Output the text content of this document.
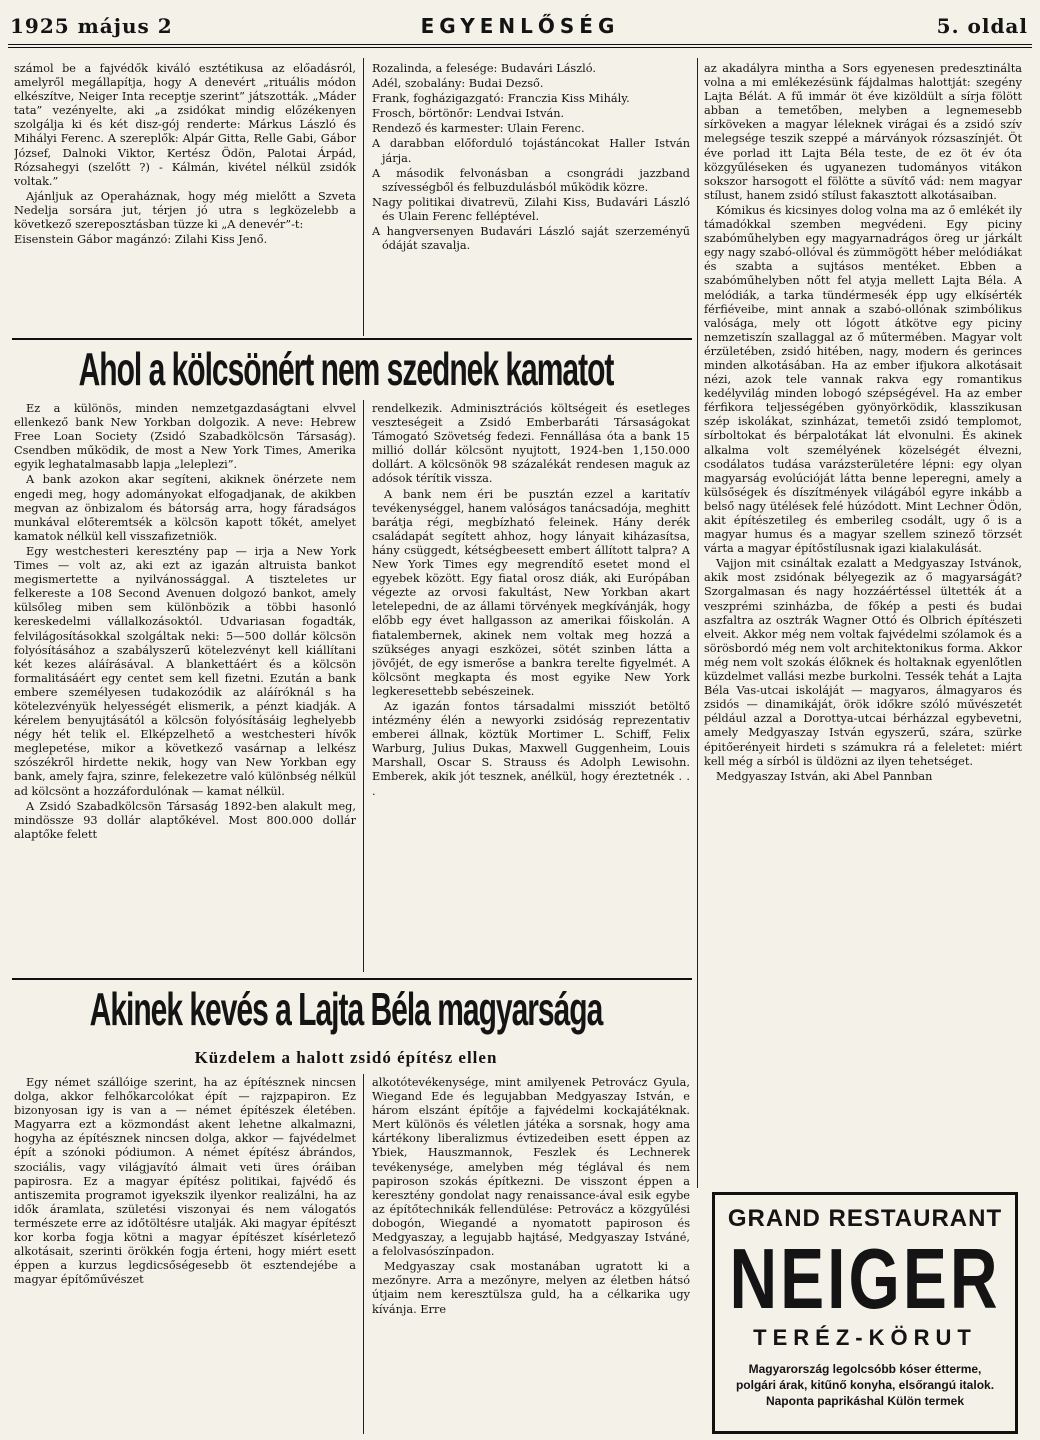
1925 május 2	EGYENLŐSÉG	5. oldal

számol be a fajvédők kiváló esztétikusa az előadásról, amelyről megállapítja, hogy A denevért „rituális módon elkészítve, Neiger Inta receptje szerint” játszották. „Máder tata” vezényelte, aki „a zsidókat mindig előzékenyen szolgálja ki és két disz-gój renderte: Márkus László és Mihályi Ferenc. A szereplők: Alpár Gitta, Relle Gabi, Gábor József, Dalnoki Viktor, Kertész Ödön, Palotai Árpád, Rózsahegyi (szelőtt ?) - Kálmán, kivétel nélkül zsidók voltak.”

Ajánljuk az Operaháznak, hogy még mielőtt a Szveta Nedelja sorsára jut, térjen jó utra s legközelebb a következő szereposztásban tüzze ki „A denevér”-t:

Eisenstein Gábor magánzó: Zilahi Kiss Jenő.

Rozalinda, a felesége: Budavári László.

Adél, szobalány: Budai Dezső.

Frank, fogházigazgató: Franczia Kiss Mihály.

Frosch, börtönőr: Lendvai István.

Rendező és karmester: Ulain Ferenc.

A darabban előforduló tojástáncokat Haller István járja.

A második felvonásban a csongrádi jazzband szívességből és felbuzdulásból működik közre.

Nagy politikai divatrevü, Zilahi Kiss, Budavári László és Ulain Ferenc felléptével.

A hangversenyen Budavári László saját szerzeményű ódáját szavalja.

az akadályra mintha a Sors egyenesen predesztinálta volna a mi emlékezésünk fájdalmas halottját: szegény Lajta Bélát. A fű immár öt éve kizöldült a sírja fölött abban a temetőben, melyben a legnemesebb sírköveken a magyar léleknek virágai és a zsidó szív melegsége teszik szeppé a márványok rózsaszínjét. Öt éve porlad itt Lajta Béla teste, de ez öt év óta közgyűléseken és ugyanezen tudományos vitákon sokszor harsogott el fölötte a süvítő vád: nem magyar stílust, hanem zsidó stílust fakasztott alkotásaiban.

Kómikus és kicsinyes dolog volna ma az ő emlékét ily támadókkal szemben megvédeni. Egy piciny szabóműhelyben egy magyarnadrágos öreg ur járkált egy nagy szabó-ollóval és zümmögött héber melódiákat és szabta a sujtásos mentéket. Ebben a szabóműhelyben nőtt fel atyja mellett Lajta Béla. A melódiák, a tarka tündérmesék épp ugy elkísérték férfiéveibe, mint annak a szabó-ollónak szimbólikus valósága, mely ott lógott átkötve egy piciny nemzetiszín szallaggal az ő műtermében. Magyar volt érzületében, zsidó hitében, nagy, modern és gerinces minden alkotásában. Ha az ember ifjukora alkotásait nézi, azok tele vannak rakva egy romantikus kedélyvilág minden lobogó szépségével. Ha az ember férfikora teljességében gyönyörködik, klasszikusan szép iskolákat, szinházat, temetői zsidó templomot, sírboltokat és bérpalotákat lát elvonulni. És akinek alkalma volt személyének közelségét élvezni, csodálatos tudása varázsterületére lépni: egy olyan magyarság evolúcióját látta benne leperegni, amely a külsőségek és díszítmények világából egyre inkább a belső nagy ütélések felé húzódott. Mint Lechner Ödön, akit építészetileg és emberileg csodált, ugy ő is a magyar humus és a magyar szellem szinező törzsét várta a magyar építőstílusnak igazi kialakulását.

Vajjon mit csináltak ezalatt a Medgyaszay Istvánok, akik most zsidónak bélyegezik az ő magyarságát? Szorgalmasan és nagy hozzáértéssel ültették át a veszprémi szinházba, de főkép a pesti és budai aszfaltra az osztrák Wagner Ottó és Olbrich építészeti elveit. Akkor még nem voltak fajvédelmi szólamok és a sörösbordó még nem volt architektonikus forma. Akkor még nem volt szokás élőknek és holtaknak egyenlőtlen küzdelmet vallási mezbe burkolni. Tessék tehát a Lajta Béla Vas-utcai iskoláját — magyaros, álmagyaros és zsidós — dinamikáját, örök időkre szóló művészetét például azzal a Dorottya-utcai bérházzal egybevetni, amely Medgyaszay István egyszerű, szára, szürke épitőerényeit hirdeti s számukra rá a feleletet: miért kell még a sírból is üldözni az ilyen tehetséget.

Medgyaszay István, aki Abel Pannban

Ahol a kölcsönért nem szednek kamatot

Ez a különös, minden nemzetgazdaságtani elvvel ellenkező bank New Yorkban dolgozik. A neve: Hebrew Free Loan Society (Zsidó Szabadkölcsön Társaság). Csendben működik, de most a New York Times, Amerika egyik leghatalmasabb lapja „leleplezi”.

A bank azokon akar segíteni, akiknek önérzete nem engedi meg, hogy adományokat elfogadjanak, de akikben megvan az önbizalom és bátorság arra, hogy fáradságos munkával előteremtsék a kölcsön kapott tőkét, amelyet kamatok nélkül kell visszafizetniök.

Egy westchesteri keresztény pap — irja a New York Times — volt az, aki ezt az igazán altruista bankot megismertette a nyilvánossággal. A tiszteletes ur felkereste a 108 Second Avenuen dolgozó bankot, amely külsőleg miben sem különbözik a többi hasonló kereskedelmi vállalkozásoktól. Udvariasan fogadták, felvilágosításokkal szolgáltak neki: 5—500 dollár kölcsön folyósításához a szabályszerű kötelezvényt kell kiállítani két kezes aláírásával. A blankettáért és a kölcsön formalitásáért egy centet sem kell fizetni. Ezután a bank embere személyesen tudakozódik az aláíróknál s ha kötelezvényük helyességét elismerik, a pénzt kiadják. A kérelem benyujtásától a kölcsön folyósításáig leghelyebb négy hét telik el. Elképzelhető a westchesteri hívők meglepetése, mikor a következő vasárnap a lelkész szószékről hirdette nekik, hogy van New Yorkban egy bank, amely fajra, szinre, felekezetre való különbség nélkül ad kölcsönt a hozzáfordulónak — kamat nélkül.

A Zsidó Szabadkölcsön Társaság 1892-ben alakult meg, mindössze 93 dollár alaptőkével. Most 800.000 dollár alaptőke felett

rendelkezik. Adminisztrációs költségeit és esetleges veszteségeit a Zsidó Emberbaráti Társaságokat Támogató Szövetség fedezi. Fennállása óta a bank 15 millió dollár kölcsönt nyujtott, 1924-ben 1,150.000 dollárt. A kölcsönök 98 százalékát rendesen maguk az adósok térítik vissza.

A bank nem éri be pusztán ezzel a karitatív tevékenységgel, hanem valóságos tanácsadója, meghitt barátja régi, megbízható feleinek. Hány derék családapát segített ahhoz, hogy lányait kiházasítsa, hány csüggedt, kétségbeesett embert állított talpra? A New York Times egy megrendítő esetet mond el egyebek között. Egy fiatal orosz diák, aki Európában végezte az orvosi fakultást, New Yorkban akart letelepedni, de az állami törvények megkívánják, hogy előbb egy évet hallgasson az amerikai főiskolán. A fiatalembernek, akinek nem voltak meg hozzá a szükséges anyagi eszközei, sötét szinben látta a jövőjét, de egy ismerőse a bankra terelte figyelmét. A kölcsönt megkapta és most egyike New York legkeresettebb sebészeinek.

Az igazán fontos társadalmi missziót betöltő intézmény élén a newyorki zsidóság reprezentativ emberei állnak, köztük Mortimer L. Schiff, Felix Warburg, Julius Dukas, Maxwell Guggenheim, Louis Marshall, Oscar S. Strauss és Adolph Lewisohn. Emberek, akik jót tesznek, anélkül, hogy éreztetnék . . .

Akinek kevés a Lajta Béla magyarsága
Küzdelem a halott zsidó építész ellen

Egy német szállóige szerint, ha az építésznek nincsen dolga, akkor felhőkarcolókat épít — rajzpapiron. Ez bizonyosan igy is van a — német építészek életében. Magyarra ezt a közmondást akent lehetne alkalmazni, hogyha az építésznek nincsen dolga, akkor — fajvédelmet épít a szónoki pódiumon. A német építész ábrándos, szociális, vagy világjavító álmait veti üres óráiban papirosra. Ez a magyar építész politikai, fajvédő és antiszemita programot igyekszik ilyenkor realizálni, ha az idők áramlata, születési viszonyai és nem válogatós természete erre az időtöltésre utalják. Aki magyar építészt kor korba fogja kötni a magyar építészet kísérletező alkotásait, szerinti örökkén fogja érteni, hogy miért esett éppen a kurzus legdicsőségesebb öt esztendejébe a magyar építőművészet

alkotótevékenysége, mint amilyenek Petrovácz Gyula, Wiegand Ede és legujabban Medgyaszay István, e három elszánt építője a fajvédelmi kockajátéknak. Mert különös és véletlen játéka a sorsnak, hogy ama kártékony liberalizmus évtizedeiben esett éppen az Ybiek, Hauszmannok, Feszlek és Lechnerek tevékenysége, amelyben még téglával és nem papiroson szokás építkezni. De visszont éppen a keresztény gondolat nagy renaissance-ával esik egybe az építőtechnikák fellendülése: Petrovácz a közgyűlési dobogón, Wiegandé a nyomatott papiroson és Medgyaszay, a legujabb hajtásé, Medgyaszay Istváné, a felolvasószínpadon.

Medgyaszay csak mostanában ugratott ki a mezőnyre. Arra a mezőnyre, melyen az életben hátsó útjaim nem keresztülsza guld, ha a célkarika ugy kívánja. Erre

GRAND RESTAURANT
NEIGER
TERÉZ-KÖRUT
Magyarország legolcsóbb kóser étterme, polgári árak, kitűnő konyha, elsőrangú italok.
Naponta paprikáshal Külön termek
